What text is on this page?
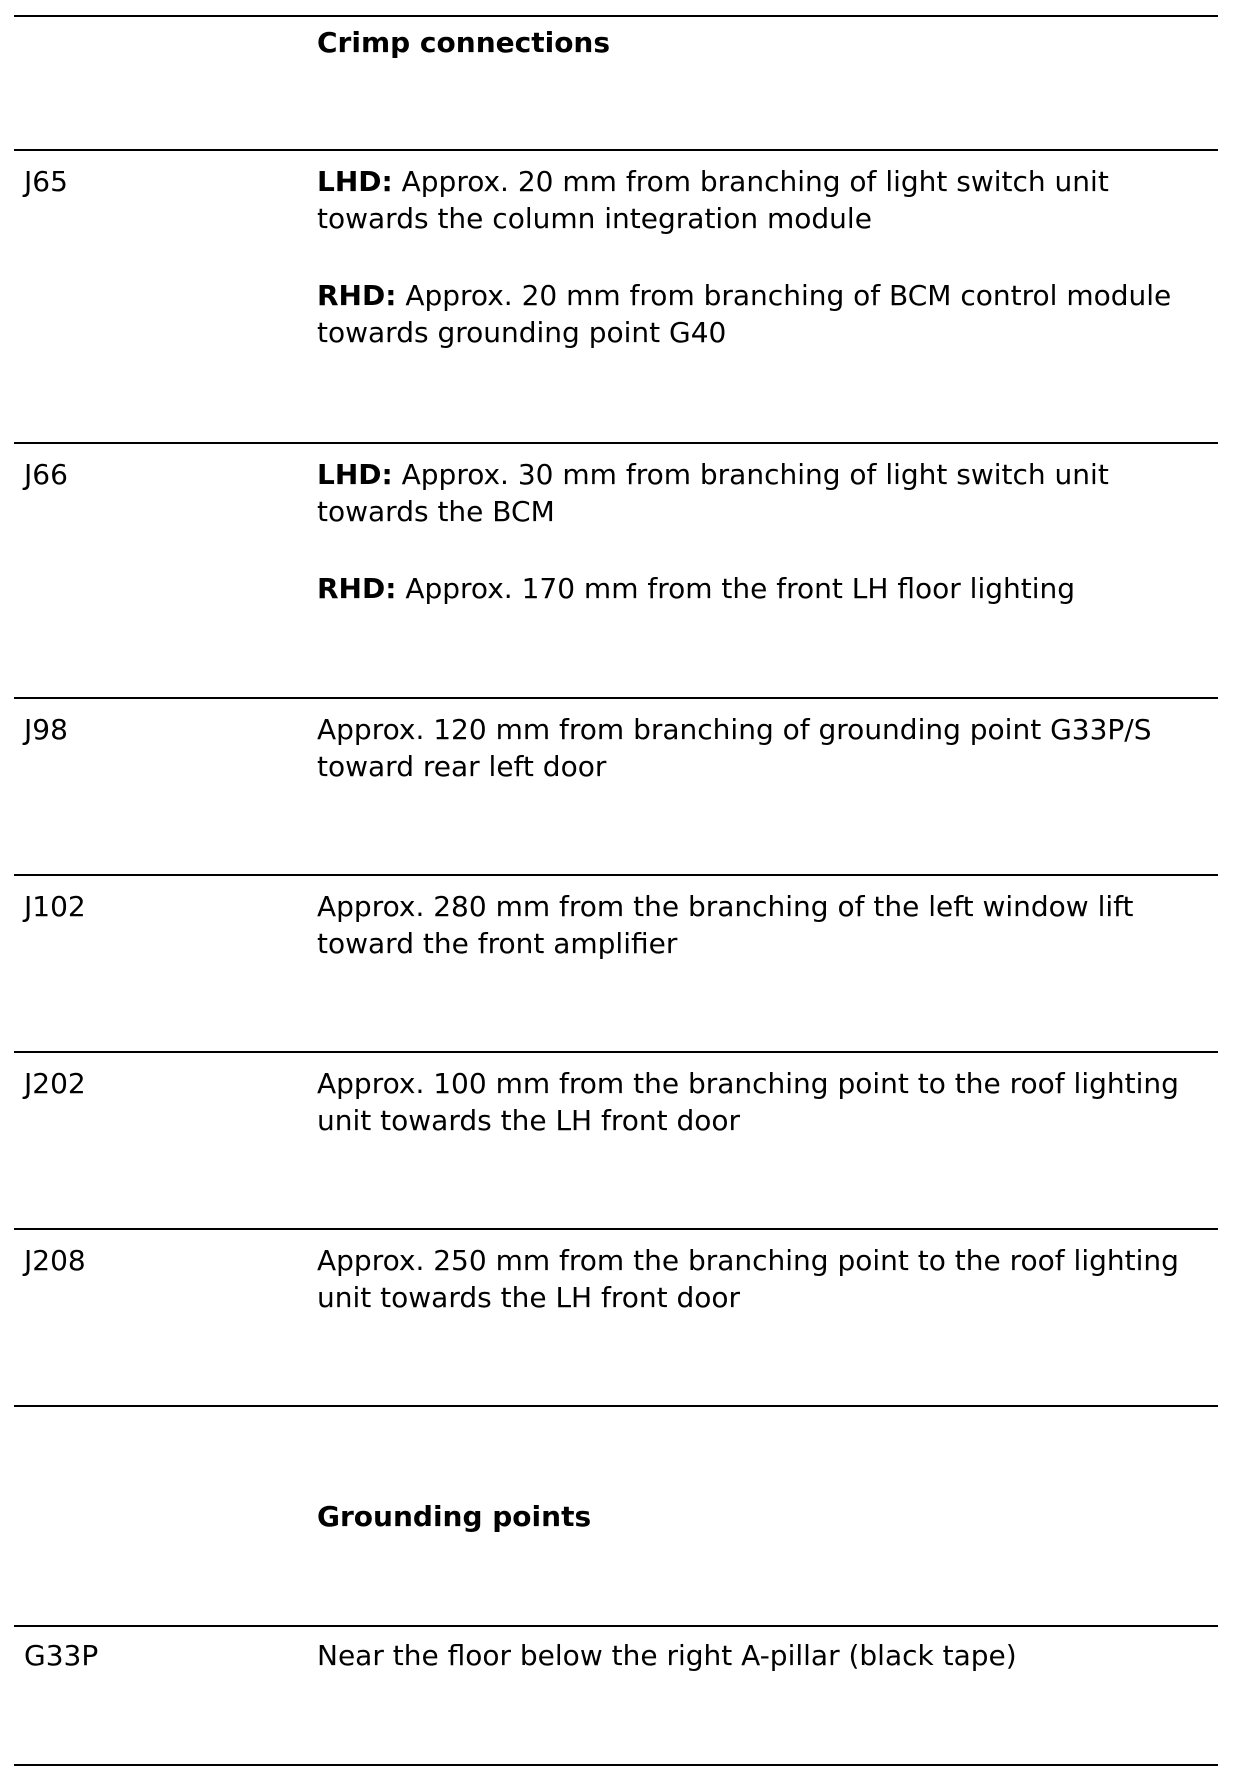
Crimp connections
J65	LHD: Approx. 20 mm from branching of light switch unit towards the column integration module

RHD: Approx. 20 mm from branching of BCM control module towards grounding point G40

J66	LHD: Approx. 30 mm from branching of light switch unit towards the BCM

RHD: Approx. 170 mm from the front LH floor lighting

J98	Approx. 120 mm from branching of grounding point G33P/S toward rear left door
J102	Approx. 280 mm from the branching of the left window lift toward the front amplifier
J202	Approx. 100 mm from the branching point to the roof lighting unit towards the LH front door
J208	Approx. 250 mm from the branching point to the roof lighting unit towards the LH front door
Grounding points
G33P	Near the floor below the right A-pillar (black tape)
